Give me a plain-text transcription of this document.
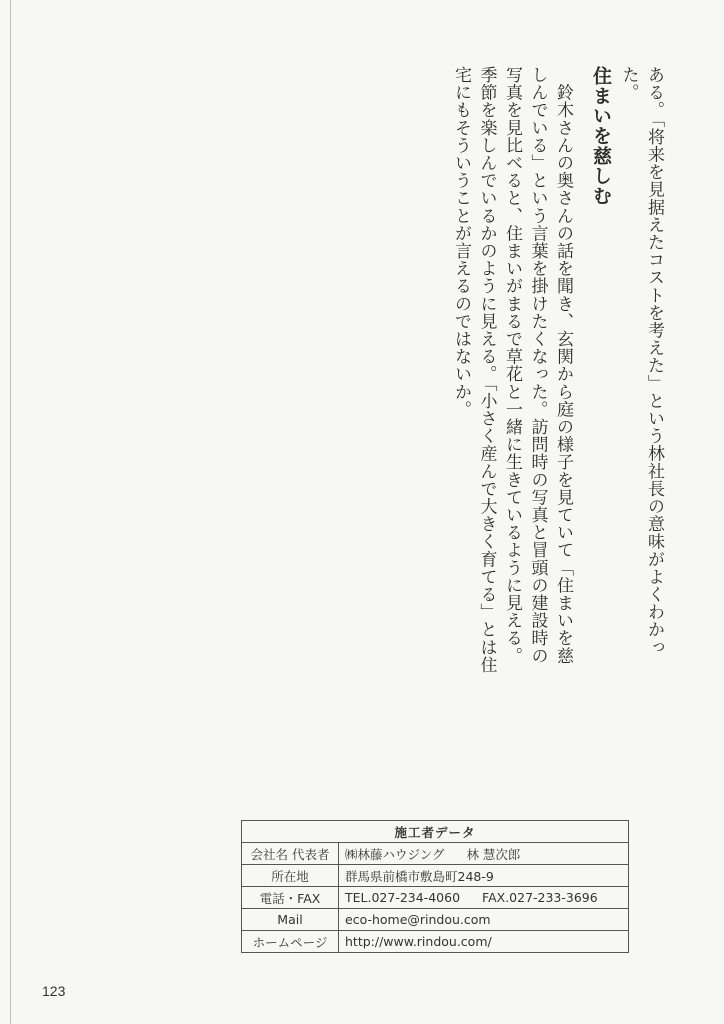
ある。「将来を見据えたコストを考えた」という林社長の意味がよくわかった。

住まいを慈しむ

鈴木さんの奥さんの話を聞き、玄関から庭の様子を見ていて「住まいを慈しんでいる」という言葉を掛けたくなった。訪問時の写真と冒頭の建設時の写真を見比べると、住まいがまるで草花と一緒に生きているように見える。季節を楽しんでいるかのように見える。「小さく産んで大きく育てる」とは住宅にもそういうことが言えるのではないか。

施工者データ	
会社名 代表者	㈱林藤ハウジング 林 慧次郎
所在地	群馬県前橋市敷島町248-9
電話・FAX	TEL.027-234-4060 FAX.027-233-3696
Mail	eco-home@rindou.com
ホームページ	http://www.rindou.com/
123
